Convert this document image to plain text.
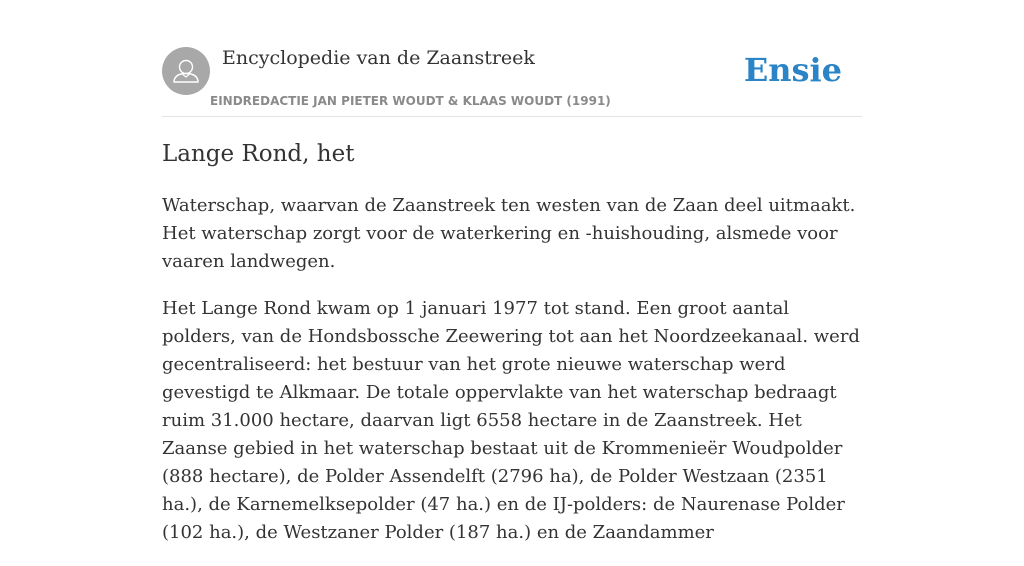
Encyclopedie van de Zaanstreek
EINDREDACTIE JAN PIETER WOUDT & KLAAS WOUDT (1991)
Ensie
Lange Rond, het

Waterschap, waarvan de Zaanstreek ten westen van de Zaan deel uitmaakt. Het waterschap zorgt voor de waterkering en -huishouding, alsmede voor vaaren landwegen.

Het Lange Rond kwam op 1 januari 1977 tot stand. Een groot aantal polders, van de Hondsbossche Zeewering tot aan het Noordzeekanaal. werd gecentraliseerd: het bestuur van het grote nieuwe waterschap werd gevestigd te Alkmaar. De totale oppervlakte van het waterschap bedraagt ruim 31.000 hectare, daarvan ligt 6558 hectare in de Zaanstreek. Het Zaanse gebied in het waterschap bestaat uit de Krommenieër Woudpolder (888 hectare), de Polder Assendelft (2796 ha), de Polder Westzaan (2351 ha.), de Karnemelksepolder (47 ha.) en de IJ-polders: de Naurenase Polder (102 ha.), de Westzaner Polder (187 ha.) en de Zaandammer
